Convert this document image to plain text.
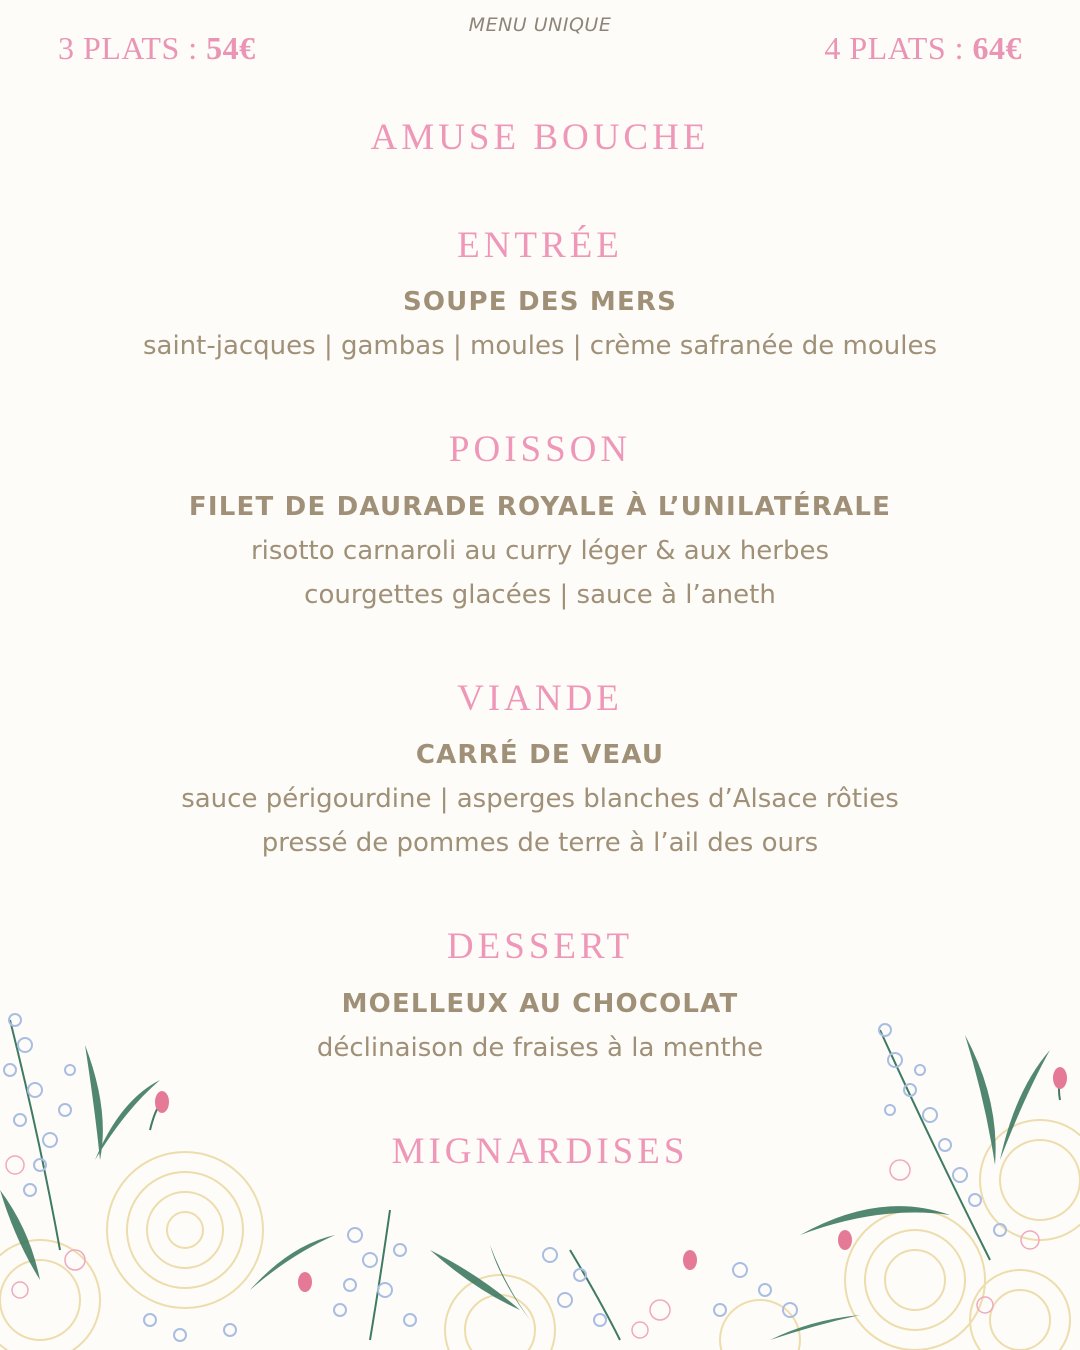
MENU UNIQUE
3 PLATS : 54€	4 PLATS : 64€
AMUSE BOUCHE
ENTRÉE
SOUPE DES MERS
saint-jacques | gambas | moules | crème safranée de moules
POISSON
FILET DE DAURADE ROYALE À L’UNILATÉRALE
risotto carnaroli au curry léger & aux herbes
courgettes glacées | sauce à l’aneth
VIANDE
CARRÉ DE VEAU
sauce périgourdine | asperges blanches d’Alsace rôties
pressé de pommes de terre à l’ail des ours
DESSERT
MOELLEUX AU CHOCOLAT
déclinaison de fraises à la menthe
MIGNARDISES
